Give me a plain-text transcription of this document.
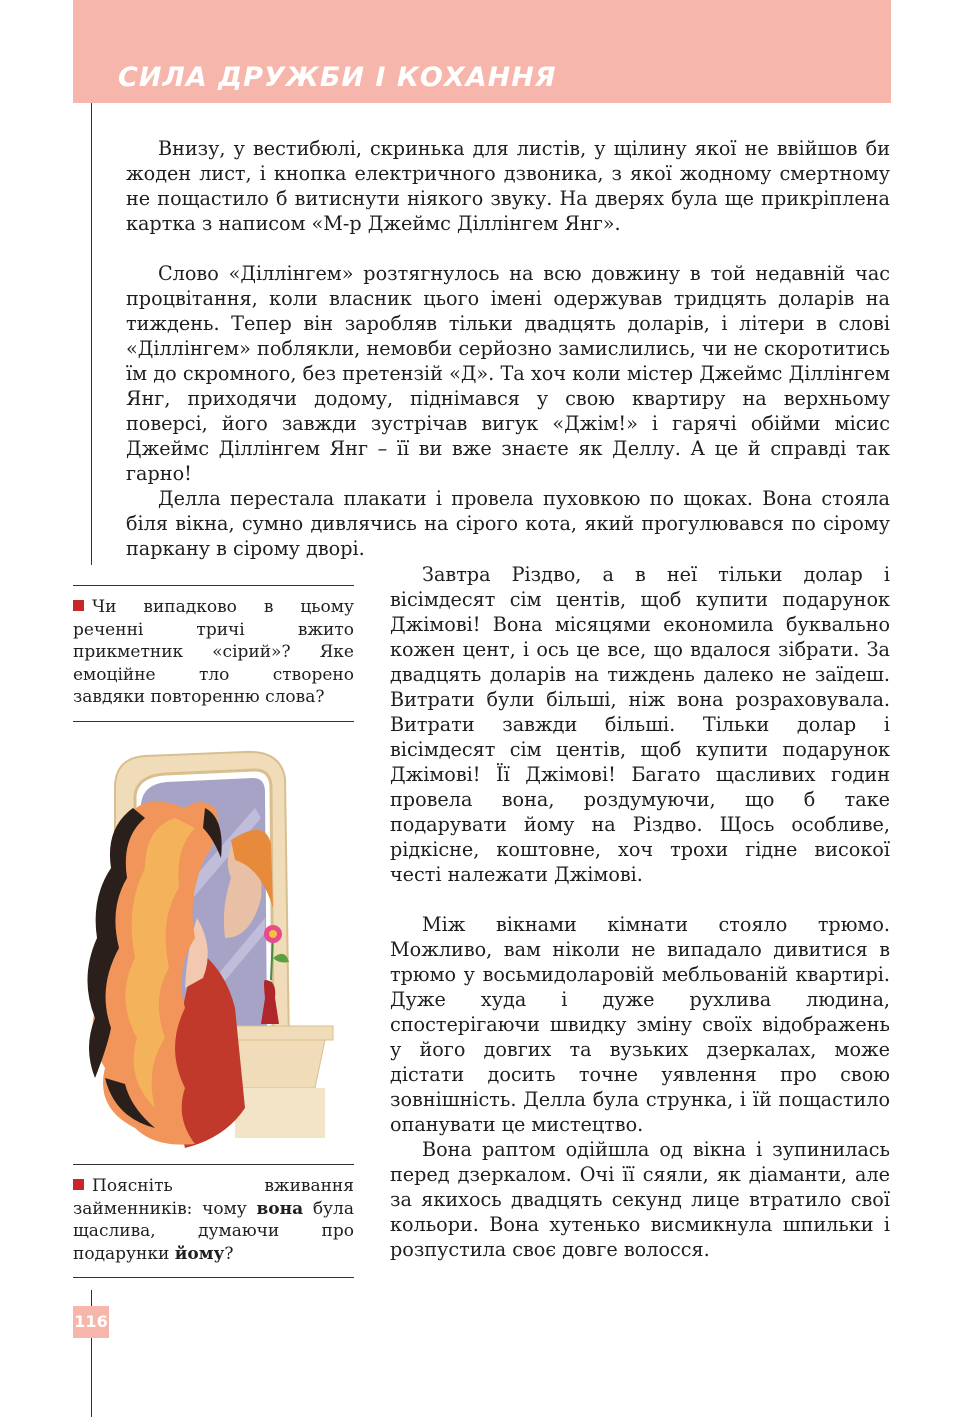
СИЛА ДРУЖБИ І КОХАННЯ

Внизу, у вестибюлі, скринька для листів, у щілину якої не ввійшов би жоден лист, і кнопка електричного дзвоника, з якої жодному смертному не пощастило б витиснути ніякого звуку. На дверях була ще прикріплена картка з написом «М-р Джеймс Діллінгем Янг».

Слово «Діллінгем» розтягнулось на всю довжину в той недавній час процвітання, коли власник цього імені одержував тридцять доларів на тиждень. Тепер він заробляв тільки двадцять доларів, і літери в слові «Діллінгем» поблякли, немовби серйозно замислились, чи не скоротитись їм до скромного, без претензій «Д». Та хоч коли містер Джеймс Діллінгем Янг, приходячи додому, піднімався у свою квартиру на верхньому поверсі, його завжди зустрічав вигук «Джім!» і гарячі обійми місис Джеймс Діллінгем Янг – її ви вже знаєте як Деллу. А це й справді так гарно!

Делла перестала плакати і провела пуховкою по щоках. Вона стояла біля вікна, сумно дивлячись на сірого кота, який прогулювався по сірому паркану в сірому дворі.

Завтра Різдво, а в неї тільки долар і вісімдесят сім центів, щоб купити подарунок Джімові! Вона місяцями економила буквально кожен цент, і ось це все, що вдалося зібрати. За двадцять доларів на тиждень далеко не заїдеш. Витрати були більші, ніж вона розраховувала. Витрати завжди більші. Тільки долар і вісімдесят сім центів, щоб купити подарунок Джімові! Її Джімові! Багато щасливих годин провела вона, роздумуючи, що б таке подарувати йому на Різдво. Щось особливе, рідкісне, коштовне, хоч трохи гідне високої честі належати Джімові.

Між вікнами кімнати стояло трюмо. Можливо, вам ніколи не випадало дивитися в трюмо у восьмидоларовій мебльованій квартирі. Дуже худа і дуже рухлива людина, спостерігаючи швидку зміну своїх відображень у його довгих та вузьких дзеркалах, може дістати досить точне уявлення про свою зовнішність. Делла була струнка, і їй пощастило опанувати це мистецтво.

Вона раптом одійшла од вікна і зупинилась перед дзеркалом. Очі її сяяли, як діаманти, але за якихось двадцять секунд лице втратило свої кольори. Вона хутенько висмикнула шпильки і розпустила своє довге волосся.

Чи випадково в цьому реченні тричі вжито прикметник «сірий»? Яке емоційне тло створено завдяки повторенню слова?

Поясніть вживання займенників: чому вона була щаслива, думаючи про подарунки йому?

116
